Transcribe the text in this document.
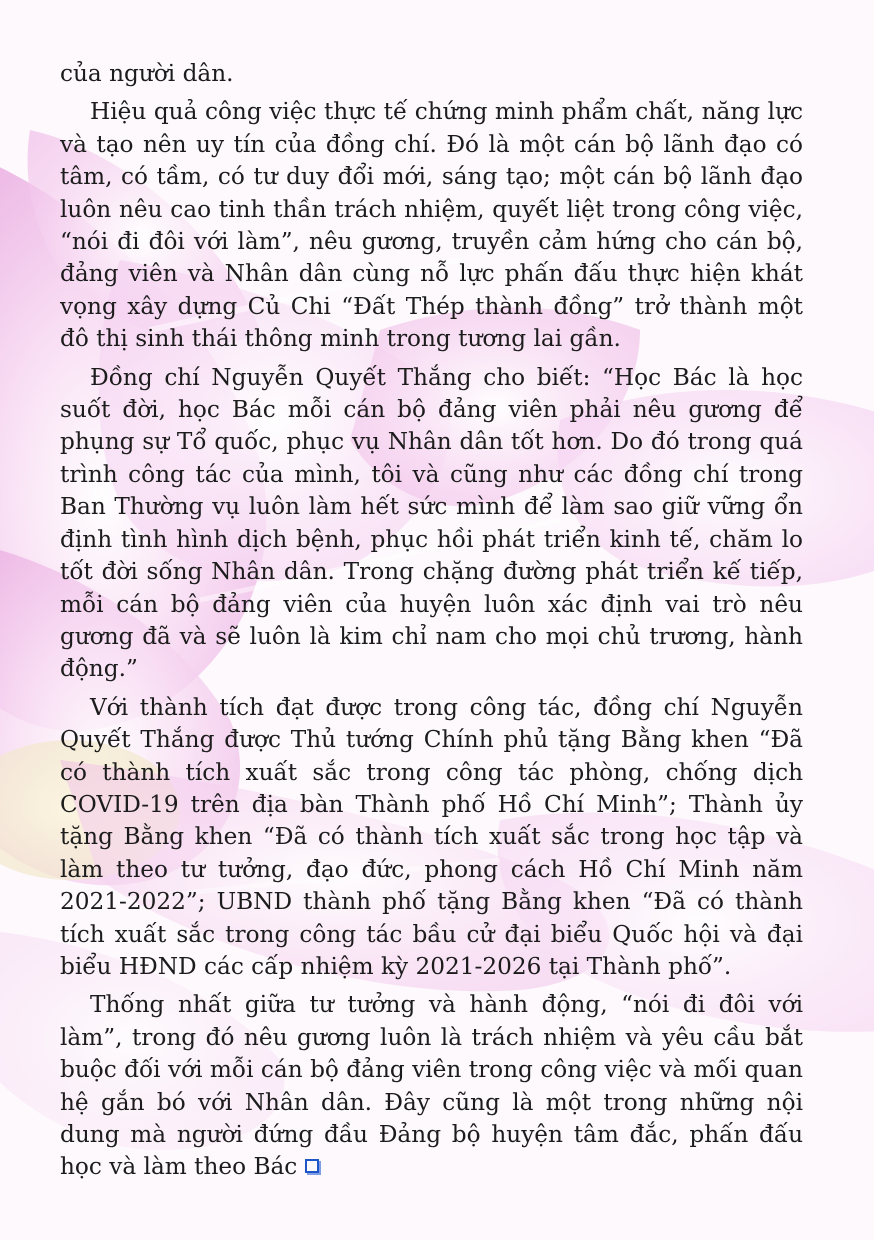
của người dân.

Hiệu quả công việc thực tế chứng minh phẩm chất, năng lực và tạo nên uy tín của đồng chí. Đó là một cán bộ lãnh đạo có tâm, có tầm, có tư duy đổi mới, sáng tạo; một cán bộ lãnh đạo luôn nêu cao tinh thần trách nhiệm, quyết liệt trong công việc, “nói đi đôi với làm”, nêu gương, truyền cảm hứng cho cán bộ, đảng viên và Nhân dân cùng nỗ lực phấn đấu thực hiện khát vọng xây dựng Củ Chi “Đất Thép thành đồng” trở thành một đô thị sinh thái thông minh trong tương lai gần.

Đồng chí Nguyễn Quyết Thắng cho biết: “Học Bác là học suốt đời, học Bác mỗi cán bộ đảng viên phải nêu gương để phụng sự Tổ quốc, phục vụ Nhân dân tốt hơn. Do đó trong quá trình công tác của mình, tôi và cũng như các đồng chí trong Ban Thường vụ luôn làm hết sức mình để làm sao giữ vững ổn định tình hình dịch bệnh, phục hồi phát triển kinh tế, chăm lo tốt đời sống Nhân dân. Trong chặng đường phát triển kế tiếp, mỗi cán bộ đảng viên của huyện luôn xác định vai trò nêu gương đã và sẽ luôn là kim chỉ nam cho mọi chủ trương, hành động.”

Với thành tích đạt được trong công tác, đồng chí Nguyễn Quyết Thắng được Thủ tướng Chính phủ tặng Bằng khen “Đã có thành tích xuất sắc trong công tác phòng, chống dịch COVID-19 trên địa bàn Thành phố Hồ Chí Minh”; Thành ủy tặng Bằng khen “Đã có thành tích xuất sắc trong học tập và làm theo tư tưởng, đạo đức, phong cách Hồ Chí Minh năm 2021-2022”; UBND thành phố tặng Bằng khen “Đã có thành tích xuất sắc trong công tác bầu cử đại biểu Quốc hội và đại biểu HĐND các cấp nhiệm kỳ 2021-2026 tại Thành phố”.

Thống nhất giữa tư tưởng và hành động, “nói đi đôi với làm”, trong đó nêu gương luôn là trách nhiệm và yêu cầu bắt buộc đối với mỗi cán bộ đảng viên trong công việc và mối quan hệ gắn bó với Nhân dân. Đây cũng là một trong những nội dung mà người đứng đầu Đảng bộ huyện tâm đắc, phấn đấu học và làm theo Bác
